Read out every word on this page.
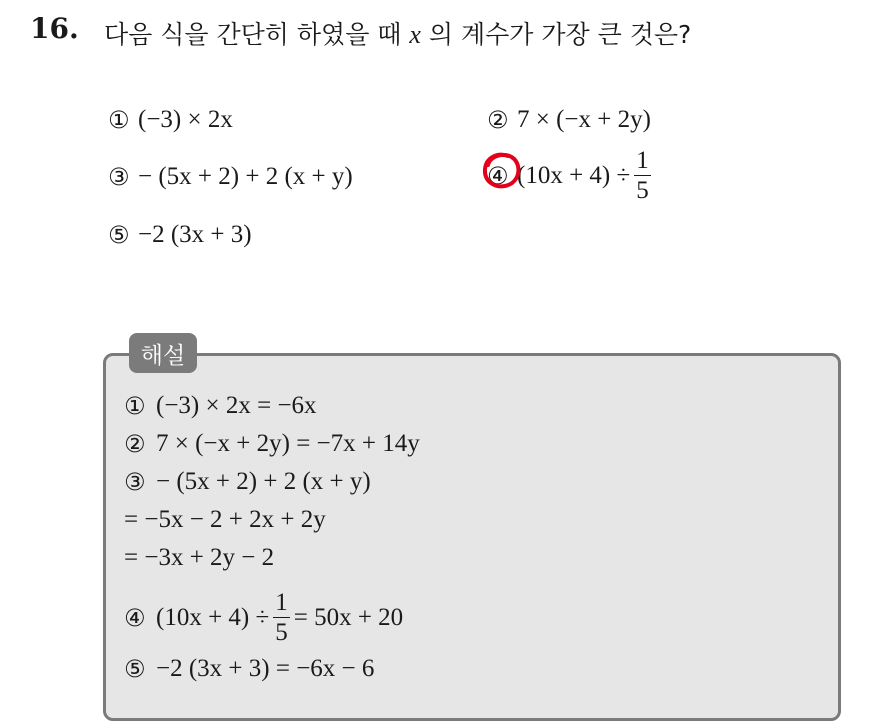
16. 다음 식을 간단히 하였을 때 x 의 계수가 가장 큰 것은?
① (−3) × 2x	② 7 × (−x + 2y)
③ − (5x + 2) + 2 (x + y)	④ $(10x + 4) \div \frac{1}{5}$
⑤ −2 (3x + 3)
해설
① (−3) × 2x = −6x
② 7 × (−x + 2y) = −7x + 14y
③ − (5x + 2) + 2 (x + y)
= −5x − 2 + 2x + 2y
= −3x + 2y − 2
④ $(10x + 4) \div \frac{1}{5} = 50x + 20$
⑤ −2 (3x + 3) = −6x − 6
